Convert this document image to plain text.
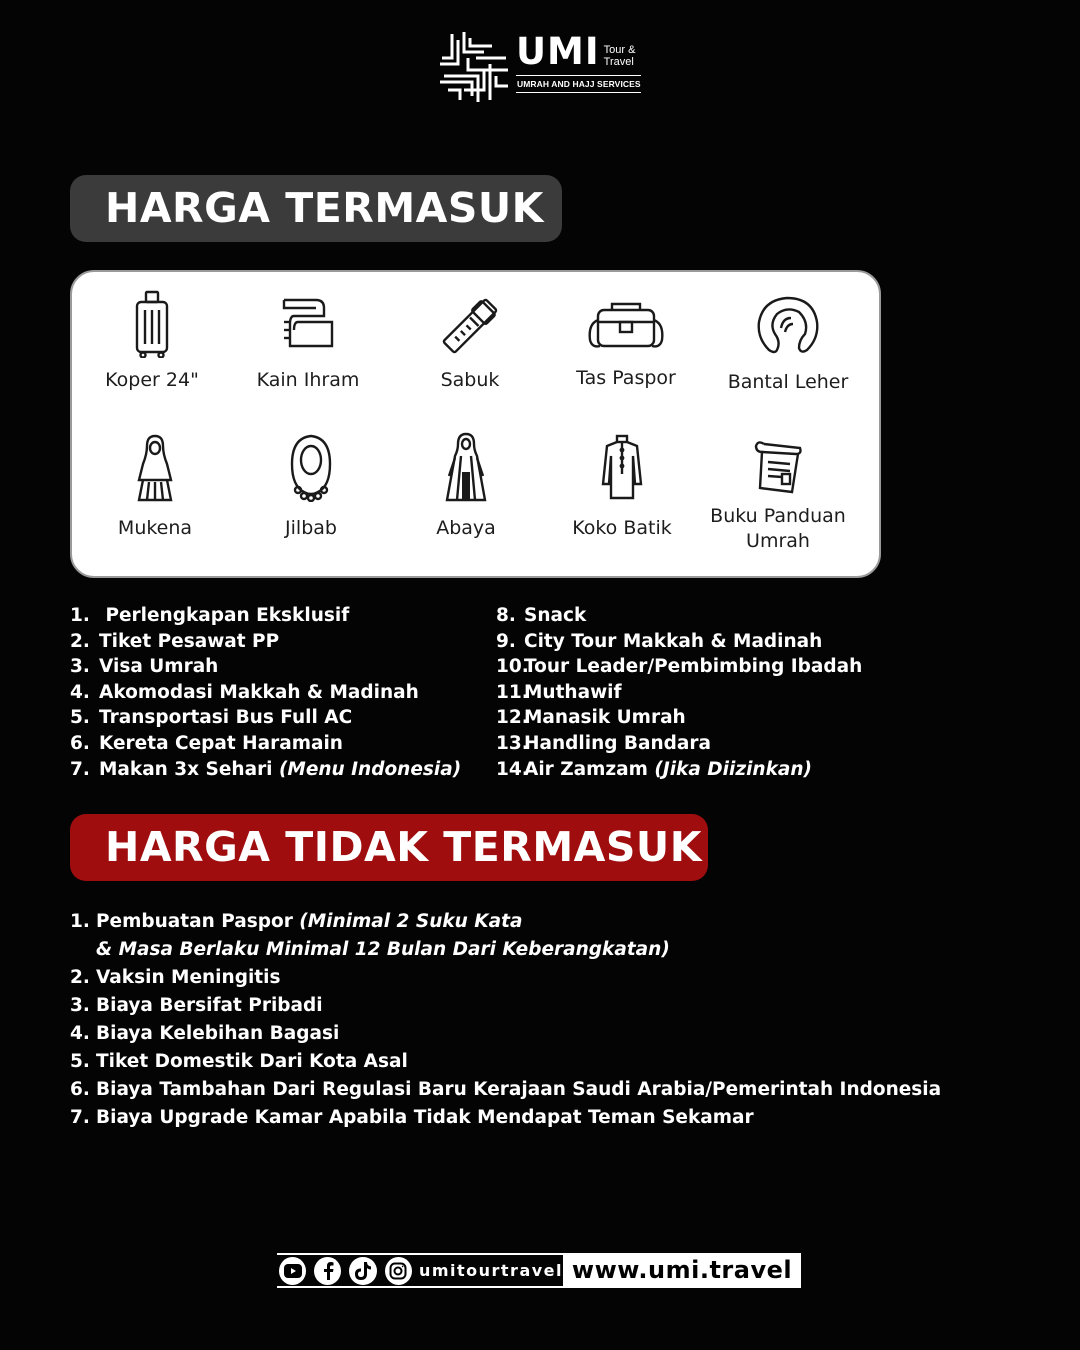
UMI Tour &
Travel
UMRAH AND HAJJ SERVICES
HARGA TERMASUK
Koper 24"	Kain Ihram	Sabuk	Tas Paspor	Bantal Leher
Mukena	Jilbab	Abaya	Koko Batik
Buku Panduan Umrah
1. Perlengkapan Eksklusif
2. Tiket Pesawat PP
3. Visa Umrah
4. Akomodasi Makkah & Madinah
5. Transportasi Bus Full AC
6. Kereta Cepat Haramain
7. Makan 3x Sehari (Menu Indonesia)
8. Snack
9. City Tour Makkah & Madinah
10.
Tour Leader/Pembimbing Ibadah
11.
Muthawif
12.
Manasik Umrah
13.
Handling Bandara
14.
Air Zamzam (Jika Diizinkan)
HARGA TIDAK TERMASUK
1. Pembuatan Paspor (Minimal 2 Suku Kata
& Masa Berlaku Minimal 12 Bulan Dari Keberangkatan)
2. Vaksin Meningitis
3. Biaya Bersifat Pribadi
4. Biaya Kelebihan Bagasi
5. Tiket Domestik Dari Kota Asal
6. Biaya Tambahan Dari Regulasi Baru Kerajaan Saudi Arabia/Pemerintah Indonesia
7. Biaya Upgrade Kamar Apabila Tidak Mendapat Teman Sekamar
umitourtravel www.umi.travel
